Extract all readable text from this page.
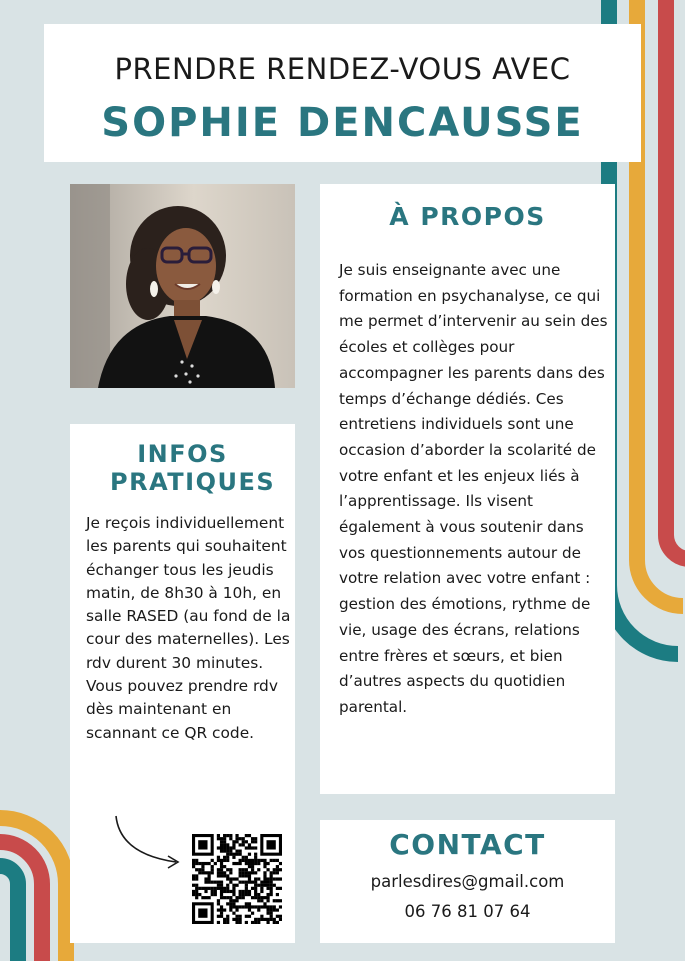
PRENDRE RENDEZ-VOUS AVEC
SOPHIE DENCAUSSE
À PROPOS

Je suis enseignante avec une formation en psychanalyse, ce qui me permet d’intervenir au sein des écoles et collèges pour accompagner les parents dans des temps d’échange dédiés. Ces entretiens individuels sont une occasion d’aborder la scolarité de votre enfant et les enjeux liés à l’apprentissage. Ils visent également à vous soutenir dans vos questionnements autour de votre relation avec votre enfant : gestion des émotions, rythme de vie, usage des écrans, relations entre frères et sœurs, et bien d’autres aspects du quotidien parental.

INFOS PRATIQUES

Je reçois individuellement les parents qui souhaitent échanger tous les jeudis matin, de 8h30 à 10h, en salle RASED (au fond de la cour des maternelles). Les rdv durent 30 minutes. Vous pouvez prendre rdv dès maintenant en scannant ce QR code.

CONTACT
parlesdires@gmail.com
06 76 81 07 64
